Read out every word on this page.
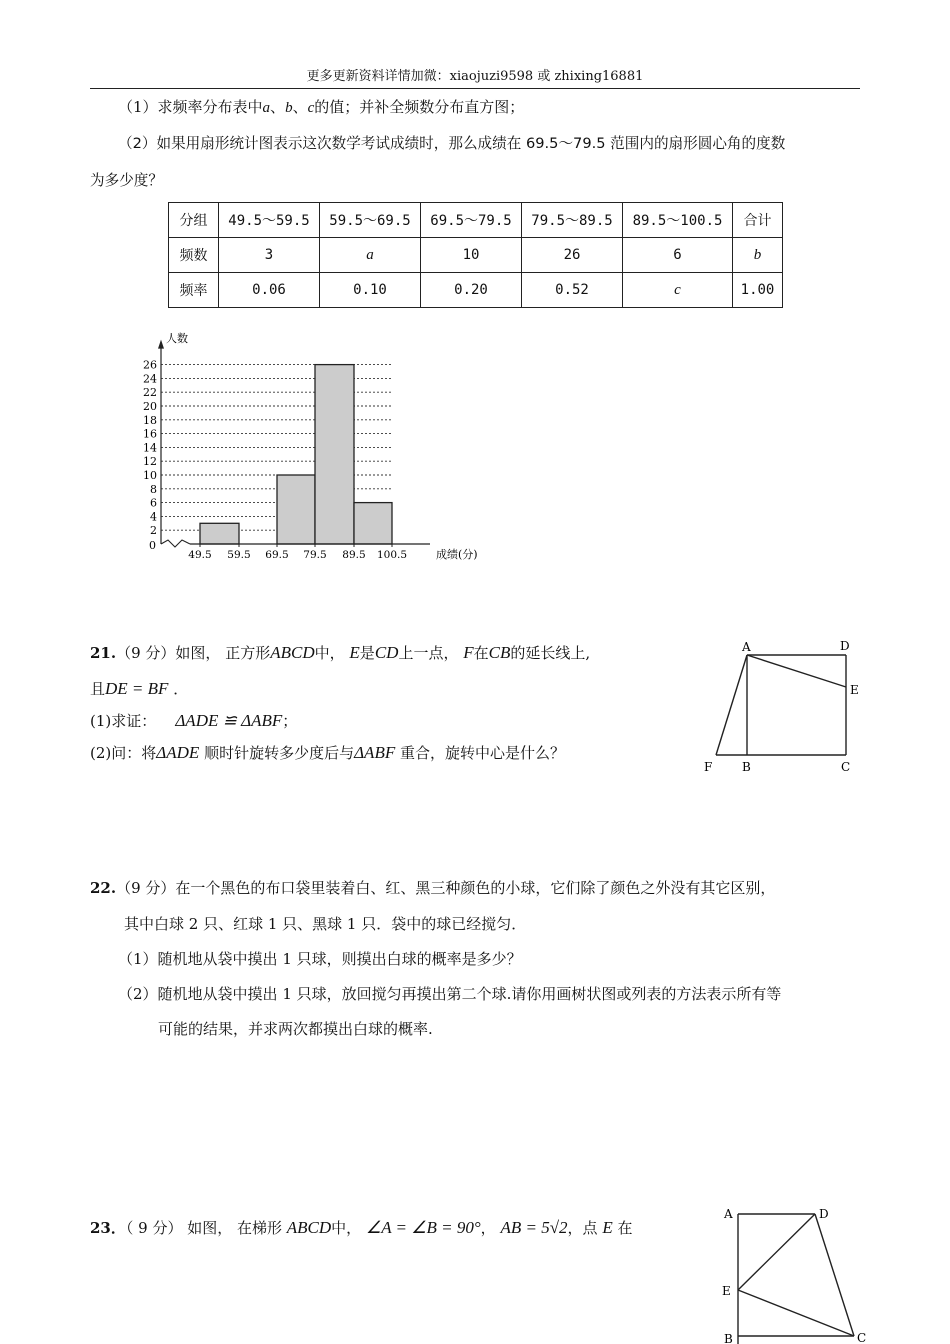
更多更新资料详情加微：xiaojuzi9598 或 zhixing16881
（1）求频率分布表中a、b、c的值；并补全频数分布直方图；
（2）如果用扇形统计图表示这次数学考试成绩时，那么成绩在 69.5～79.5 范围内的扇形圆心角的度数
为多少度？
分组	49.5～59.5	59.5～69.5	69.5～79.5	79.5～89.5	89.5～100.5	合计
频数	3	a	10	26	6	b
频率	0.06	0.10	0.20	0.52	c	1.00
0
2
4
6
8
10
12
14
16
18
20
22
24
26
49.5 59.5 69.5 79.5 89.5 100.5
人数
成绩(分)
21.（9 分）如图， 正方形ABCD中， E是CD上一点， F在CB的延长线上,
且DE = BF ．
(1)求证： ΔADE ≌ ΔABF；
(2)问：将ΔADE 顺时针旋转多少度后与ΔABF 重合，旋转中心是什么？
A	D
E
F B	C
22.（9 分）在一个黑色的布口袋里装着白、红、黑三种颜色的小球，它们除了颜色之外没有其它区别，
其中白球 2 只、红球 1 只、黑球 1 只．袋中的球已经搅匀．
（1）随机地从袋中摸出 1 只球，则摸出白球的概率是多少？
（2）随机地从袋中摸出 1 只球，放回搅匀再摸出第二个球.请你用画树状图或列表的方法表示所有等
可能的结果，并求两次都摸出白球的概率.
23．（ 9 分） 如图， 在梯形 ABCD中， ∠A = ∠B = 90°， AB = 5√2，点 E 在
A	D
E
B	C
